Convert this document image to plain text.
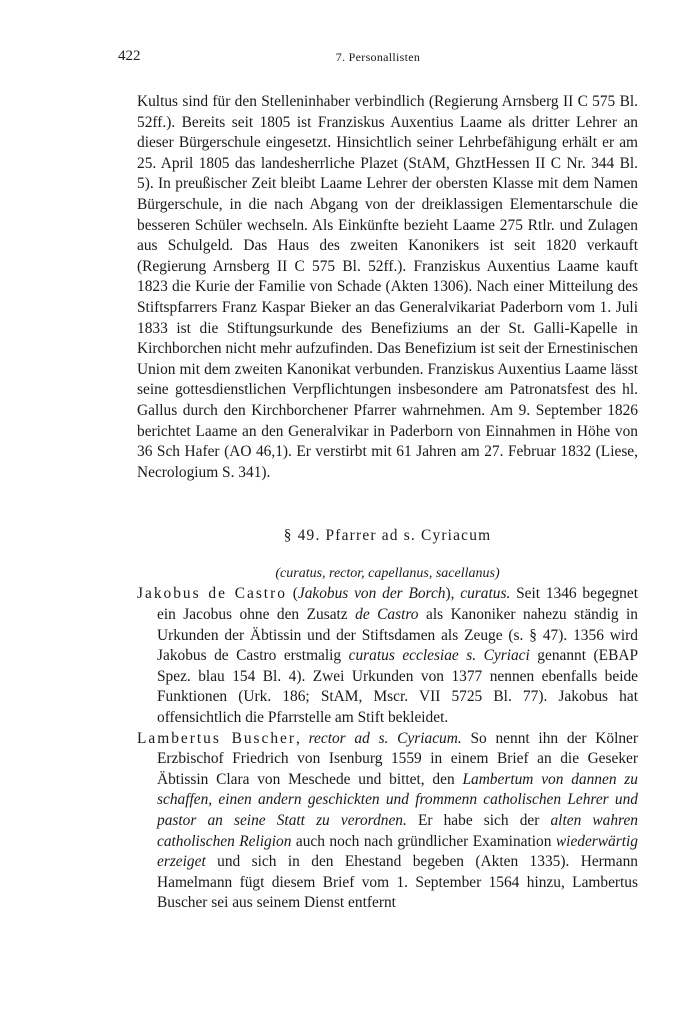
422	7. Personallisten

Kultus sind für den Stelleninhaber verbindlich (Regierung Arnsberg II C 575 Bl. 52ff.). Bereits seit 1805 ist Franziskus Auxentius Laame als dritter Lehrer an dieser Bürgerschule eingesetzt. Hinsichtlich seiner Lehrbefähigung erhält er am 25. April 1805 das landesherrliche Plazet (StAM, GhztHessen II C Nr. 344 Bl. 5). In preußischer Zeit bleibt Laame Lehrer der obersten Klasse mit dem Namen Bürgerschule, in die nach Abgang von der dreiklassigen Elementarschule die besseren Schüler wechseln. Als Einkünfte bezieht Laame 275 Rtlr. und Zulagen aus Schulgeld. Das Haus des zweiten Kanonikers ist seit 1820 verkauft (Regierung Arnsberg II C 575 Bl. 52ff.). Franziskus Auxentius Laame kauft 1823 die Kurie der Familie von Schade (Akten 1306). Nach einer Mitteilung des Stiftspfarrers Franz Kaspar Bieker an das Generalvikariat Paderborn vom 1. Juli 1833 ist die Stiftungsurkunde des Benefiziums an der St. Galli-Kapelle in Kirchborchen nicht mehr aufzufinden. Das Benefizium ist seit der Ernestinischen Union mit dem zweiten Kanonikat verbunden. Franziskus Auxentius Laame lässt seine gottesdienstlichen Verpflichtungen insbesondere am Patronatsfest des hl. Gallus durch den Kirchborchener Pfarrer wahrnehmen. Am 9. September 1826 berichtet Laame an den Generalvikar in Paderborn von Einnahmen in Höhe von 36 Sch Hafer (AO 46,1). Er verstirbt mit 61 Jahren am 27. Februar 1832 (Liese, Necrologium S. 341).

§ 49. Pfarrer ad s. Cyriacum
(curatus, rector, capellanus, sacellanus)

Jakobus de Castro (Jakobus von der Borch), curatus. Seit 1346 begegnet ein Jacobus ohne den Zusatz de Castro als Kanoniker nahezu ständig in Urkunden der Äbtissin und der Stiftsdamen als Zeuge (s. § 47). 1356 wird Jakobus de Castro erstmalig curatus ecclesiae s. Cyriaci genannt (EBAP Spez. blau 154 Bl. 4). Zwei Urkunden von 1377 nennen ebenfalls beide Funktionen (Urk. 186; StAM, Mscr. VII 5725 Bl. 77). Jakobus hat offensichtlich die Pfarrstelle am Stift bekleidet.

Lambertus Buscher, rector ad s. Cyriacum. So nennt ihn der Kölner Erzbischof Friedrich von Isenburg 1559 in einem Brief an die Geseker Äbtissin Clara von Meschede und bittet, den Lambertum von dannen zu schaffen, einen andern geschickten und frommenn catholischen Lehrer und pastor an seine Statt zu verordnen. Er habe sich der alten wahren catholischen Religion auch noch nach gründlicher Examination wiederwärtig erzeiget und sich in den Ehestand begeben (Akten 1335). Hermann Hamelmann fügt diesem Brief vom 1. September 1564 hinzu, Lambertus Buscher sei aus seinem Dienst entfernt
